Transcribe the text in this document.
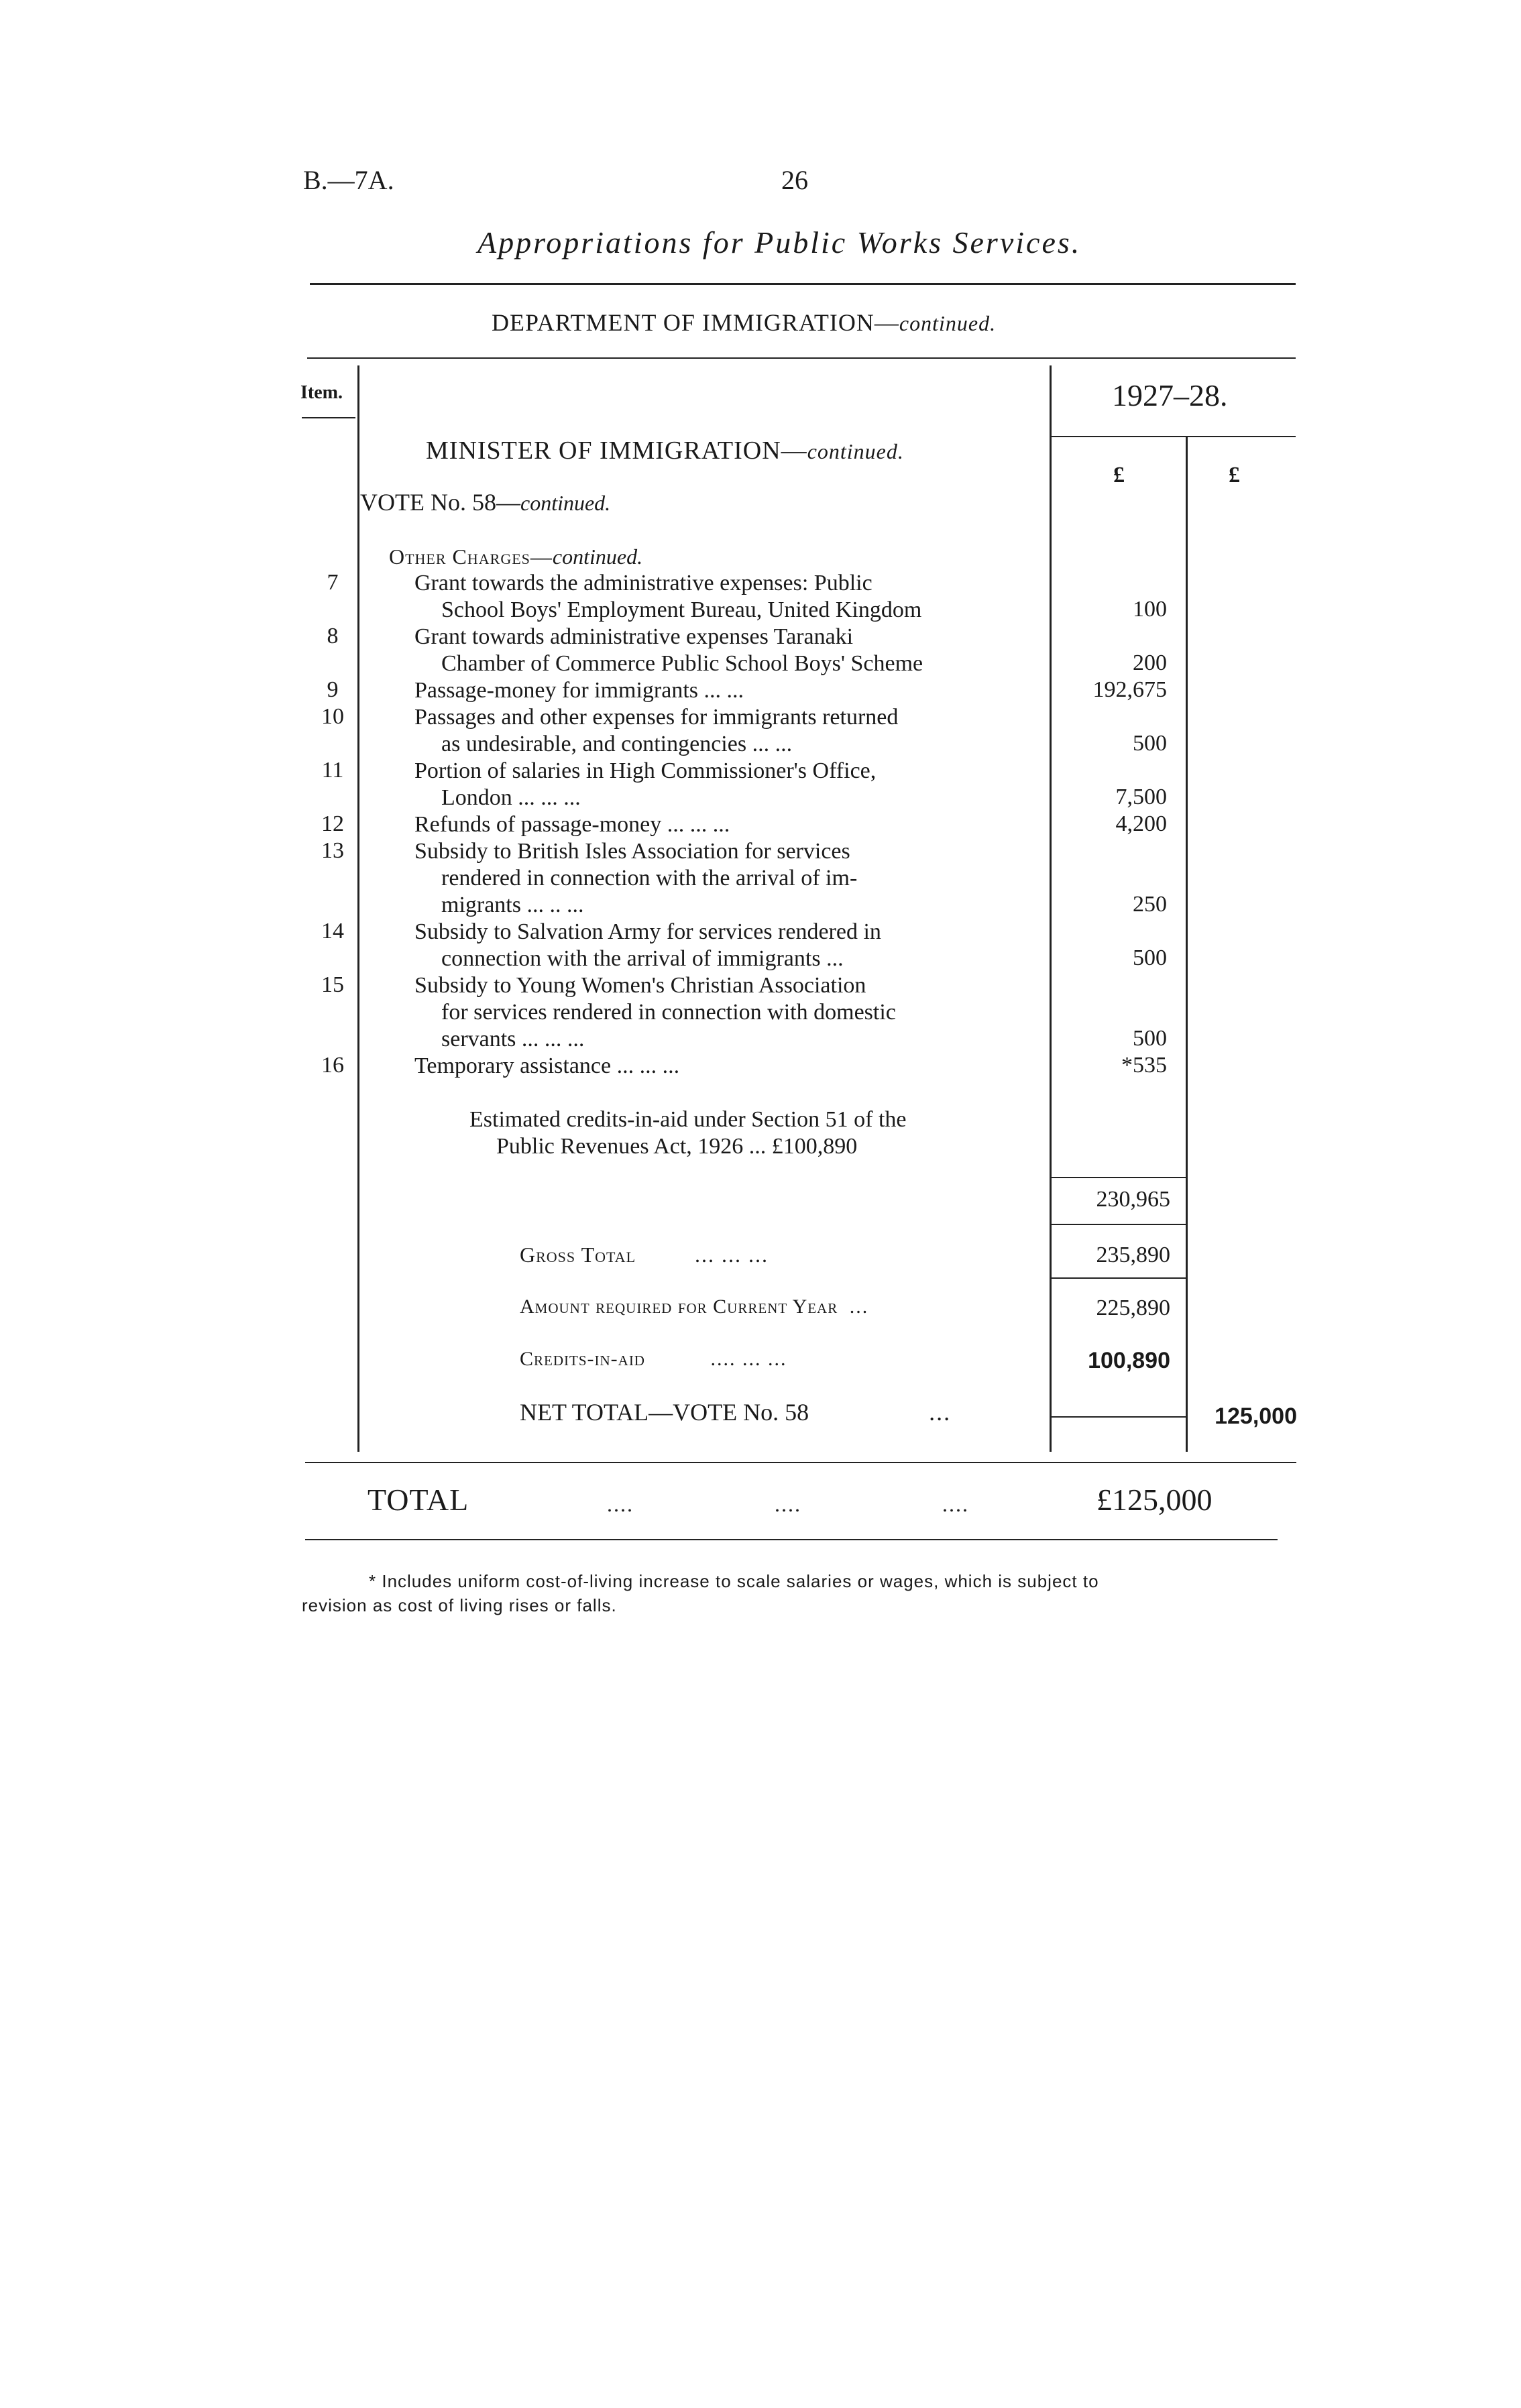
B.—7A.	26
Appropriations for Public Works Services.
DEPARTMENT OF IMMIGRATION—continued.
Item.	1927–28.
£	£
MINISTER OF IMMIGRATION—continued.
VOTE No. 58—continued.
Other Charges—continued.
7	Grant towards the administrative expenses: Public
School Boys' Employment Bureau, United Kingdom	100
8	Grant towards administrative expenses Taranaki
Chamber of Commerce Public School Boys' Scheme	200
9	Passage-money for immigrants ... ...	192,675
10	Passages and other expenses for immigrants returned
as undesirable, and contingencies ... ...	500
11	Portion of salaries in High Commissioner's Office,
London ... ... ...	7,500
12	Refunds of passage-money ... ... ...	4,200
13	Subsidy to British Isles Association for services
rendered in connection with the arrival of im-
migrants ... .. ...	250
14	Subsidy to Salvation Army for services rendered in
connection with the arrival of immigrants ...	500
15	Subsidy to Young Women's Christian Association
for services rendered in connection with domestic
servants ... ... ...	500
16	Temporary assistance ... ... ...	*535
Estimated credits-in-aid under Section 51 of the
Public Revenues Act, 1926 ... £100,890
230,965
Gross Total	... ... ...	235,890
Amount required for Current Year ...	225,890
Credits-in-aid	.... ... ...	100,890
NET TOTAL—VOTE No. 58	...	125,000
TOTAL	.... .... ....	£125,000
* Includes uniform cost-of-living increase to scale salaries or wages, which is subject to
revision as cost of living rises or falls.
